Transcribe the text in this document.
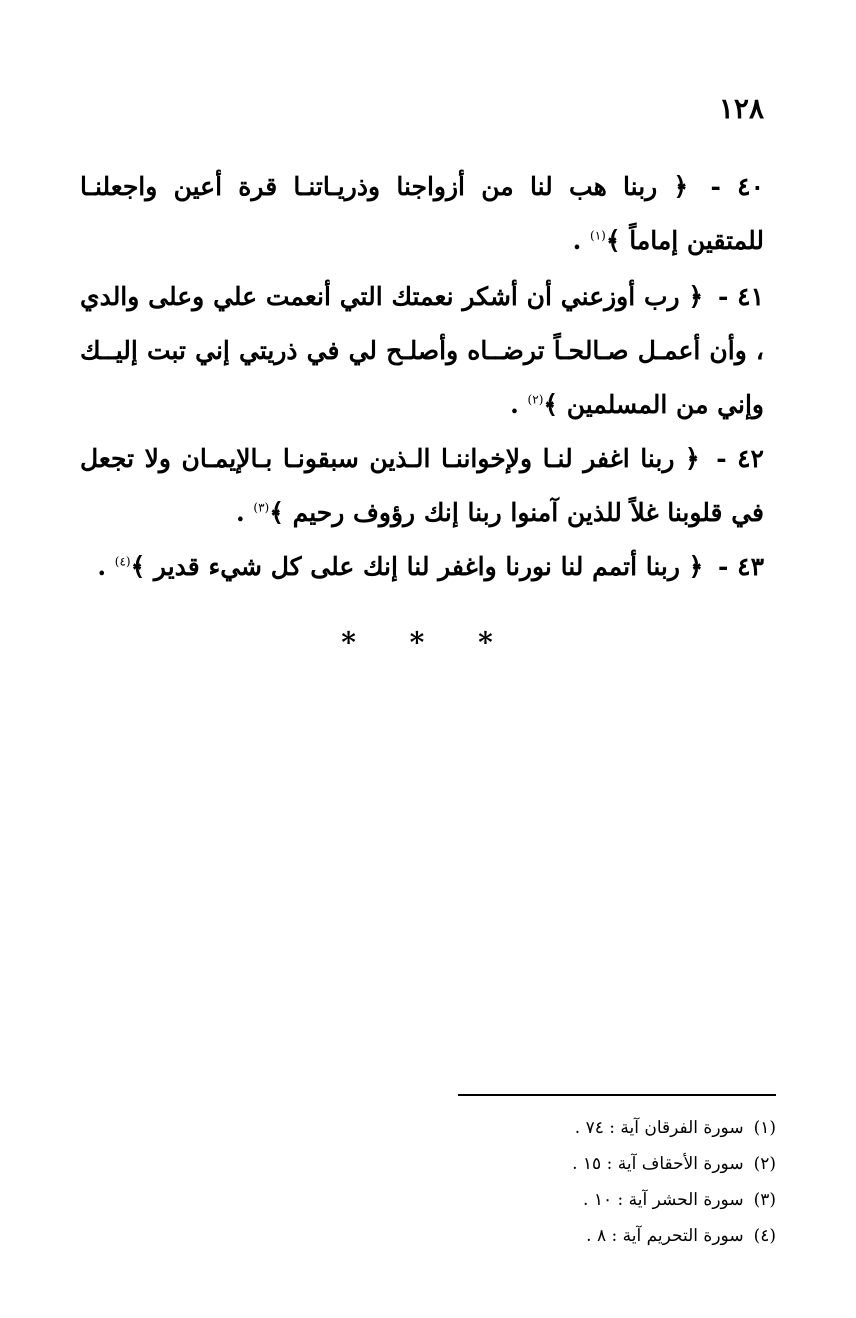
١٢٨

٤٠ - ﴿ ربنا هب لنا من أزواجنا وذريـاتنـا قرة أعين واجعلنـا للمتقين إماماً ﴾$^{(١)}$ .

٤١ - ﴿ رب أوزعني أن أشكر نعمتك التي أنعمت علي وعلى والدي ، وأن أعمـل صـالحـاً ترضــاه وأصلـح لي في ذريتي إني تبت إليــك وإني من المسلمين ﴾$^{(٢)}$ .

٤٢ - ﴿ ربنا اغفر لنـا ولإخواننـا الـذين سبقونـا بـالإيمـان ولا تجعل في قلوبنا غلاً للذين آمنوا ربنا إنك رؤوف رحيم ﴾$^{(٣)}$ .

٤٣ - ﴿ ربنا أتمم لنا نورنا واغفر لنا إنك على كل شيء قدير ﴾$^{(٤)}$ .

* * *
(١)سورة الفرقان آية : ٧٤ .
(٢)سورة الأحقاف آية : ١٥ .
(٣)سورة الحشر آية : ١٠ .
(٤)سورة التحريم آية : ٨ .
